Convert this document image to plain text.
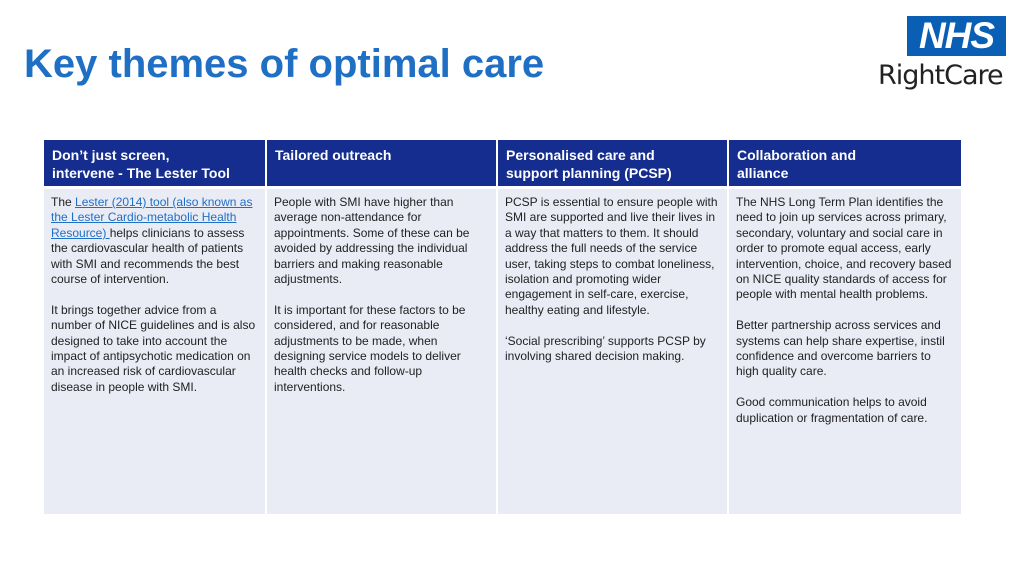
Key themes of optimal care
NHS
RightCare
Don’t just screen,
intervene - The Lester Tool
Tailored outreach	Personalised care and
support planning (PCSP)
Collaboration and
alliance

The Lester (2014) tool (also known as the Lester Cardio-metabolic Health Resource) helps clinicians to assess the cardiovascular health of patients with SMI and recommends the best course of intervention.

It brings together advice from a number of NICE guidelines and is also designed to take into account the impact of antipsychotic medication on an increased risk of cardiovascular disease in people with SMI.

People with SMI have higher than average non-attendance for appointments. Some of these can be avoided by addressing the individual barriers and making reasonable adjustments.

It is important for these factors to be considered, and for reasonable adjustments to be made, when designing service models to deliver health checks and follow-up interventions.

PCSP is essential to ensure people with SMI are supported and live their lives in a way that matters to them. It should address the full needs of the service user, taking steps to combat loneliness, isolation and promoting wider engagement in self-care, exercise, healthy eating and lifestyle.

‘Social prescribing’ supports PCSP by involving shared decision making.

The NHS Long Term Plan identifies the need to join up services across primary, secondary, voluntary and social care in order to promote equal access, early intervention, choice, and recovery based on NICE quality standards of access for people with mental health problems.

Better partnership across services and systems can help share expertise, instil confidence and overcome barriers to high quality care.

Good communication helps to avoid duplication or fragmentation of care.
